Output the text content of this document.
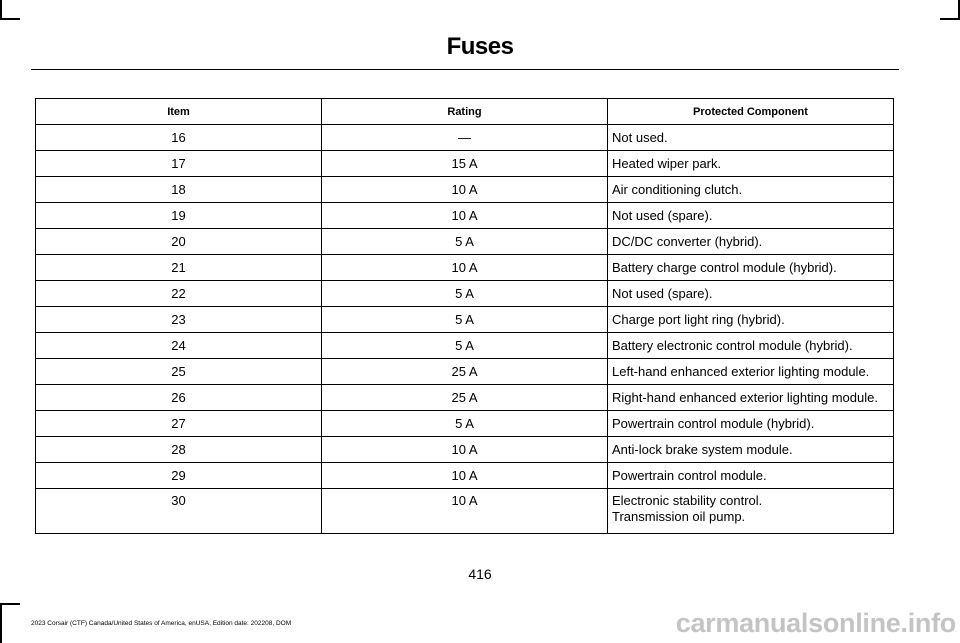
Fuses
Item	Rating	Protected Component
16	—	Not used.

17	15 A	Heated wiper park.

18	10 A	Air conditioning clutch.

19	10 A	Not used (spare).

20	5 A	DC/DC converter (hybrid).

21	10 A	Battery charge control module (hybrid).

22	5 A	Not used (spare).

23	5 A	Charge port light ring (hybrid).

24	5 A	Battery electronic control module (hybrid).

25	25 A	Left-hand enhanced exterior lighting module.

26	25 A	Right-hand enhanced exterior lighting module.

27	5 A	Powertrain control module (hybrid).

28	10 A	Anti-lock brake system module.

29	10 A	Powertrain control module.

30	10 A	Electronic stability control.
Transmission oil pump.
416
2023 Corsair (CTF) Canada/United States of America, enUSA, Edition date: 202208, DOM	carmanualsonline.info
